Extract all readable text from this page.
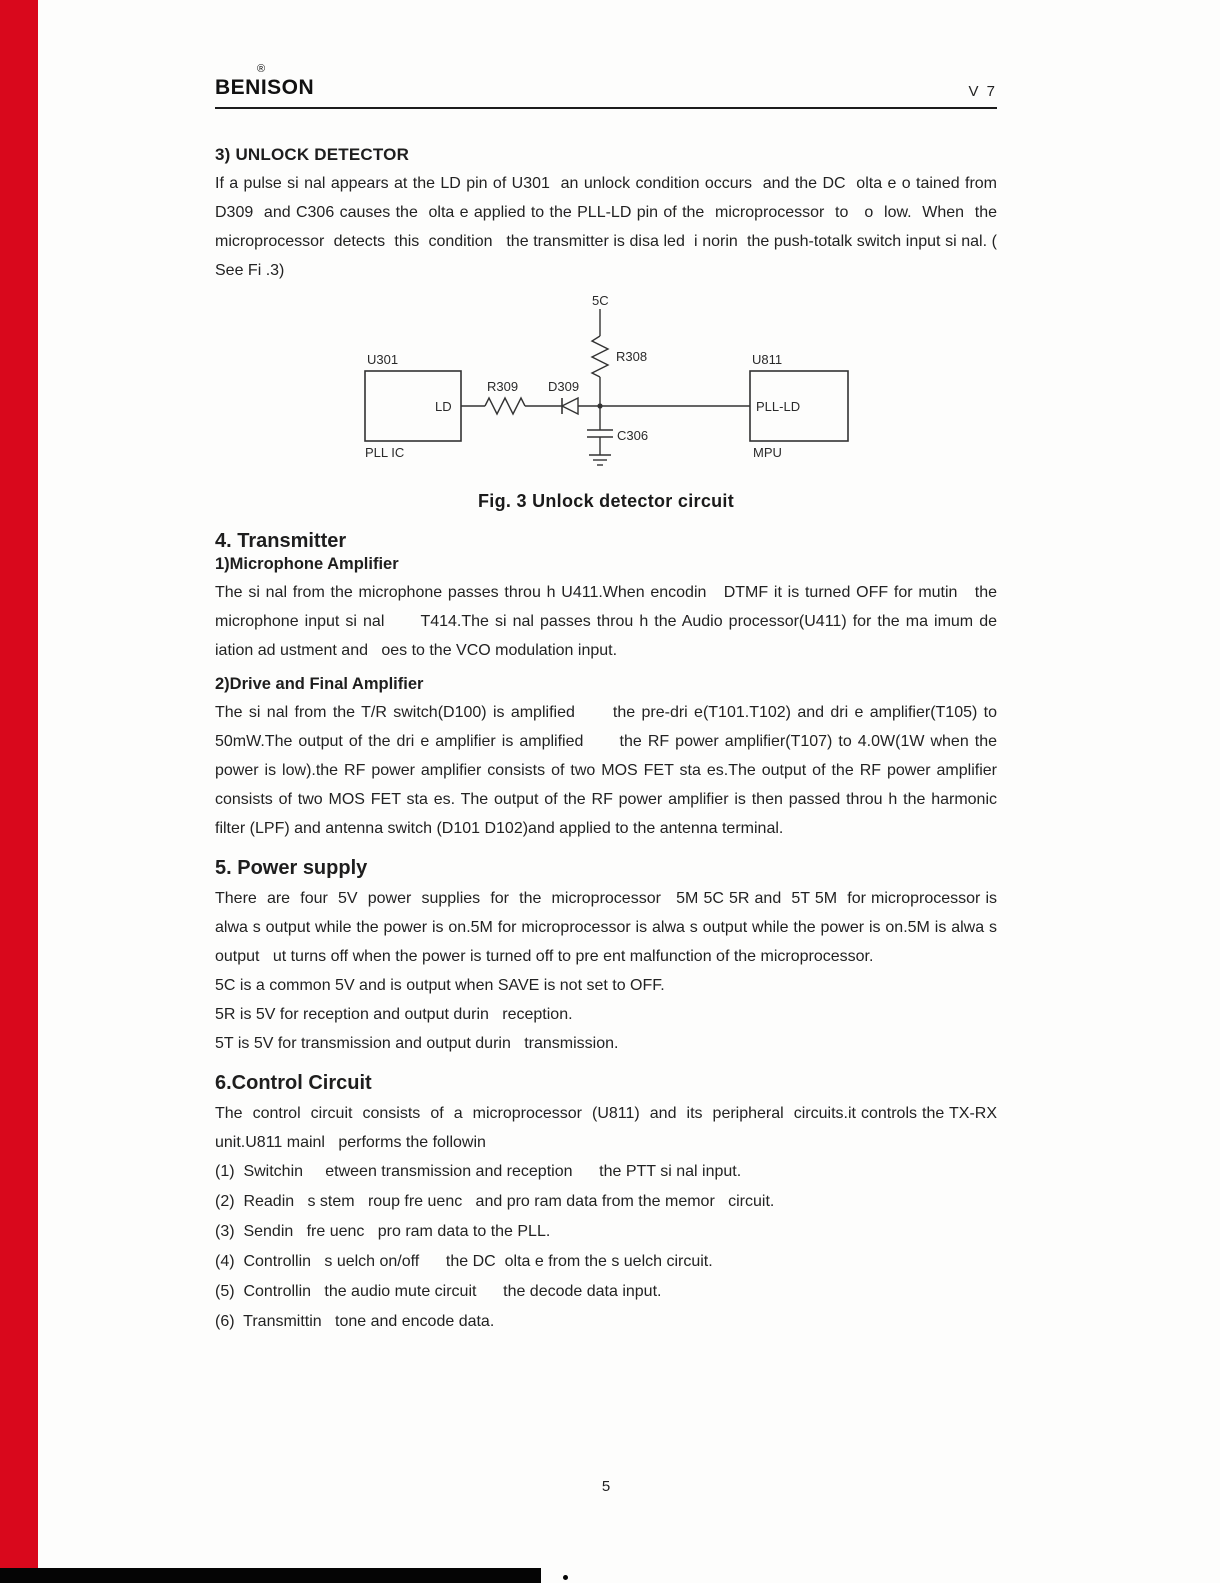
®
BENISON	V 7
3) UNLOCK DETECTOR

If a pulse si nal appears at the LD pin of U301  an unlock condition occurs  and the DC  olta e o tained from D309  and C306 causes the  olta e applied to the PLL-LD pin of the  microprocessor  to   o  low.  When  the  microprocessor  detects  this  condition   the transmitter is disa led  i norin  the push-totalk switch input si nal. ( See Fi .3)

5C
R308
U301
LD
PLL IC
U811
PLL-LD
MPU
R309 D309
C306
Fig. 3 Unlock detector circuit
4. Transmitter
1)Microphone Amplifier

The si nal from the microphone passes throu h U411.When encodin   DTMF it is turned OFF for mutin   the microphone input si nal      T414.The si nal passes throu h the Audio processor(U411) for the ma imum de iation ad ustment and   oes to the VCO modulation input.

2)Drive and Final Amplifier

The si nal from the T/R switch(D100) is amplified      the pre-dri e(T101.T102) and dri e amplifier(T105) to 50mW.The output of the dri e amplifier is amplified      the RF power amplifier(T107) to 4.0W(1W when the power is low).the RF power amplifier consists of two MOS FET sta es.The output of the RF power amplifier consists of two MOS FET sta es. The output of the RF power amplifier is then passed throu h the harmonic filter (LPF) and antenna switch (D101 D102)and applied to the antenna terminal.

5. Power supply

There  are  four  5V  power  supplies  for  the  microprocessor   5M 5C 5R and  5T 5M  for microprocessor is alwa s output while the power is on.5M for microprocessor is alwa s output while the power is on.5M is alwa s output   ut turns off when the power is turned off to pre ent malfunction of the microprocessor.

5C is a common 5V and is output when SAVE is not set to OFF.
5R is 5V for reception and output durin   reception.
5T is 5V for transmission and output durin   transmission.
6.Control Circuit

The  control  circuit  consists  of  a  microprocessor  (U811)  and  its  peripheral  circuits.it controls the TX-RX unit.U811 mainl   performs the followin

(1)  Switchin     etween transmission and reception      the PTT si nal input.
(2)  Readin   s stem   roup fre uenc   and pro ram data from the memor   circuit.
(3)  Sendin   fre uenc   pro ram data to the PLL.
(4)  Controllin   s uelch on/off      the DC  olta e from the s uelch circuit.
(5)  Controllin   the audio mute circuit      the decode data input.
(6)  Transmittin   tone and encode data.
5
